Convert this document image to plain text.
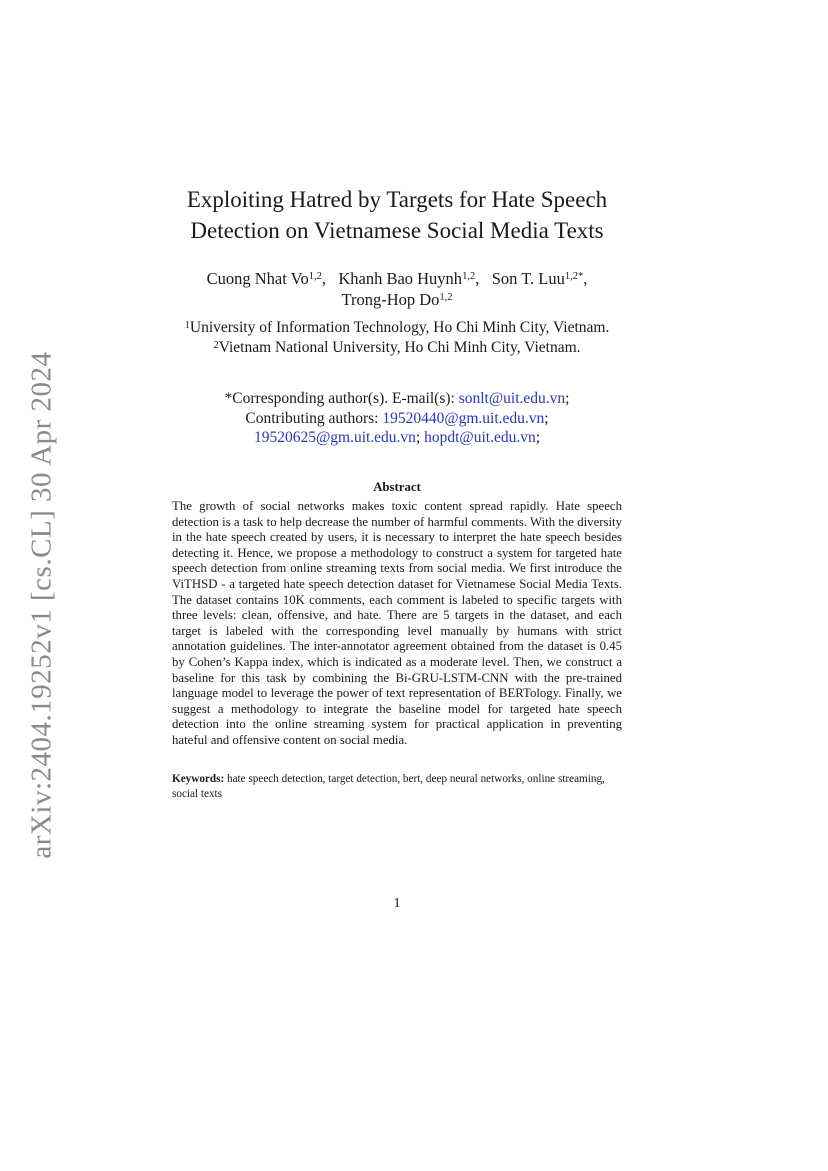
arXiv:2404.19252v1 [cs.CL] 30 Apr 2024
Exploiting Hatred by Targets for Hate Speech
Detection on Vietnamese Social Media Texts
Cuong Nhat Vo$^{1,2}$,   Khanh Bao Huynh$^{1,2}$,   Son T. Luu$^{1,2*}$,
Trong-Hop Do$^{1,2}$
$^1$University of Information Technology, Ho Chi Minh City, Vietnam.
$^2$Vietnam National University, Ho Chi Minh City, Vietnam.
*Corresponding author(s). E-mail(s): sonlt@uit.edu.vn;
Contributing authors: 19520440@gm.uit.edu.vn;
19520625@gm.uit.edu.vn; hopdt@uit.edu.vn;
Abstract

The growth of social networks makes toxic content spread rapidly. Hate speech detection is a task to help decrease the number of harmful comments. With the diversity in the hate speech created by users, it is necessary to interpret the hate speech besides detecting it. Hence, we propose a methodology to construct a system for targeted hate speech detection from online streaming texts from social media. We first introduce the ViTHSD - a targeted hate speech detection dataset for Vietnamese Social Media Texts. The dataset contains 10K comments, each comment is labeled to specific targets with three levels: clean, offensive, and hate. There are 5 targets in the dataset, and each target is labeled with the corresponding level manually by humans with strict annotation guidelines. The inter-annotator agreement obtained from the dataset is 0.45 by Cohen’s Kappa index, which is indicated as a moderate level. Then, we construct a baseline for this task by combining the Bi-GRU-LSTM-CNN with the pre-trained language model to leverage the power of text representation of BERTology. Finally, we suggest a methodology to integrate the baseline model for targeted hate speech detection into the online streaming system for practical application in preventing hateful and offensive content on social media.

Keywords: hate speech detection, target detection, bert, deep neural networks, online streaming, social texts
1
